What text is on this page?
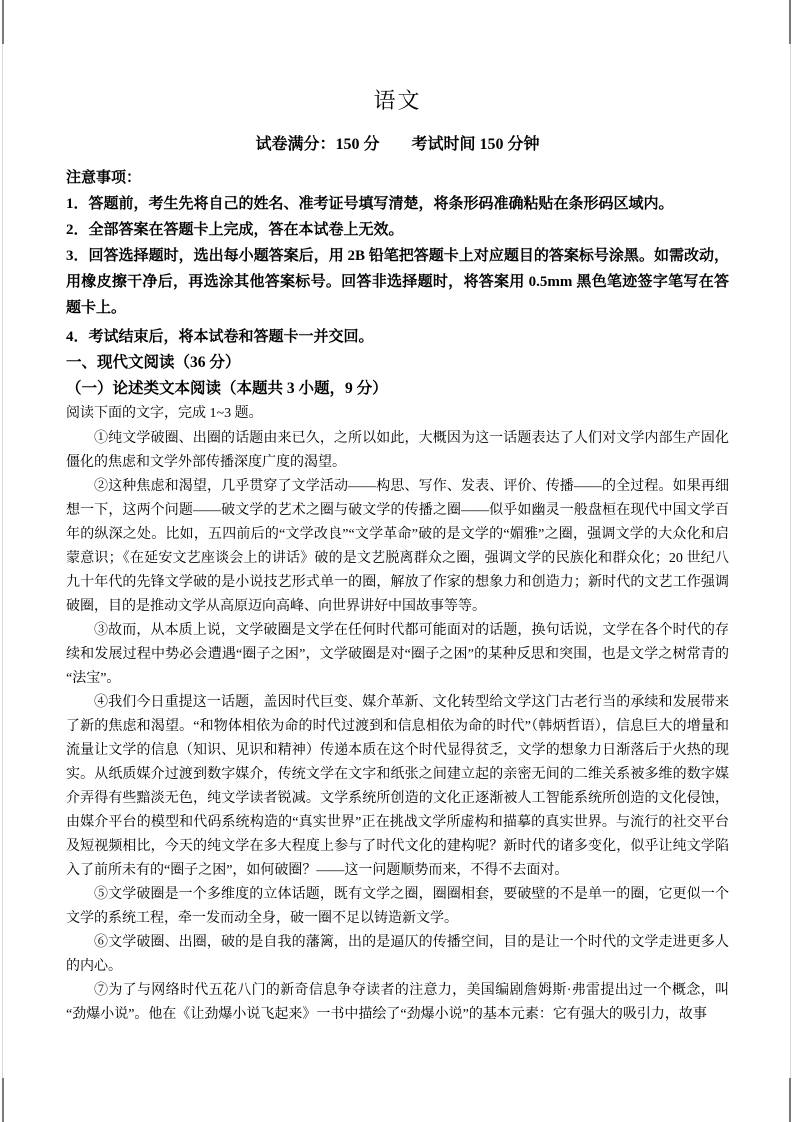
语文

试卷满分：150 分　　考试时间 150 分钟

注意事项：

1．答题前，考生先将自己的姓名、准考证号填写清楚，将条形码准确粘贴在条形码区域内。

2．全部答案在答题卡上完成，答在本试卷上无效。

3．回答选择题时，选出每小题答案后，用 2B 铅笔把答题卡上对应题目的答案标号涂黑。如需改动，用橡皮擦干净后，再选涂其他答案标号。回答非选择题时，将答案用 0.5mm 黑色笔迹签字笔写在答题卡上。

4．考试结束后，将本试卷和答题卡一并交回。

一、现代文阅读（36 分）

（一）论述类文本阅读（本题共 3 小题，9 分）

阅读下面的文字，完成 1~3 题。

①纯文学破圈、出圈的话题由来已久，之所以如此，大概因为这一话题表达了人们对文学内部生产固化僵化的焦虑和文学外部传播深度广度的渴望。

②这种焦虑和渴望，几乎贯穿了文学活动——构思、写作、发表、评价、传播——的全过程。如果再细想一下，这两个问题——破文学的艺术之圈与破文学的传播之圈——似乎如幽灵一般盘桓在现代中国文学百年的纵深之处。比如，五四前后的“文学改良”“文学革命”破的是文学的“媚雅”之圈，强调文学的大众化和启蒙意识；《在延安文艺座谈会上的讲话》破的是文艺脱离群众之圈，强调文学的民族化和群众化；20 世纪八九十年代的先锋文学破的是小说技艺形式单一的圈，解放了作家的想象力和创造力；新时代的文艺工作强调破圈，目的是推动文学从高原迈向高峰、向世界讲好中国故事等等。

③故而，从本质上说，文学破圈是文学在任何时代都可能面对的话题，换句话说，文学在各个时代的存续和发展过程中势必会遭遇“圈子之困”，文学破圈是对“圈子之困”的某种反思和突围，也是文学之树常青的“法宝”。

④我们今日重提这一话题，盖因时代巨变、媒介革新、文化转型给文学这门古老行当的承续和发展带来了新的焦虑和渴望。“和物体相依为命的时代过渡到和信息相依为命的时代”（韩炳哲语），信息巨大的增量和流量让文学的信息（知识、见识和精神）传递本质在这个时代显得贫乏，文学的想象力日渐落后于火热的现实。从纸质媒介过渡到数字媒介，传统文学在文字和纸张之间建立起的亲密无间的二维关系被多维的数字媒介弄得有些黯淡无色，纯文学读者锐减。文学系统所创造的文化正逐渐被人工智能系统所创造的文化侵蚀，由媒介平台的模型和代码系统构造的“真实世界”正在挑战文学所虚构和描摹的真实世界。与流行的社交平台及短视频相比，今天的纯文学在多大程度上参与了时代文化的建构呢？新时代的诸多变化，似乎让纯文学陷入了前所未有的“圈子之困”，如何破圈？——这一问题顺势而来，不得不去面对。

⑤文学破圈是一个多维度的立体话题，既有文学之圈，圈圈相套，要破壁的不是单一的圈，它更似一个文学的系统工程，牵一发而动全身，破一圈不足以铸造新文学。

⑥文学破圈、出圈，破的是自我的藩篱，出的是逼仄的传播空间，目的是让一个时代的文学走进更多人的内心。

⑦为了与网络时代五花八门的新奇信息争夺读者的注意力，美国编剧詹姆斯·弗雷提出过一个概念，叫“劲爆小说”。他在《让劲爆小说飞起来》一书中描绘了“劲爆小说”的基本元素：它有强大的吸引力，故事
